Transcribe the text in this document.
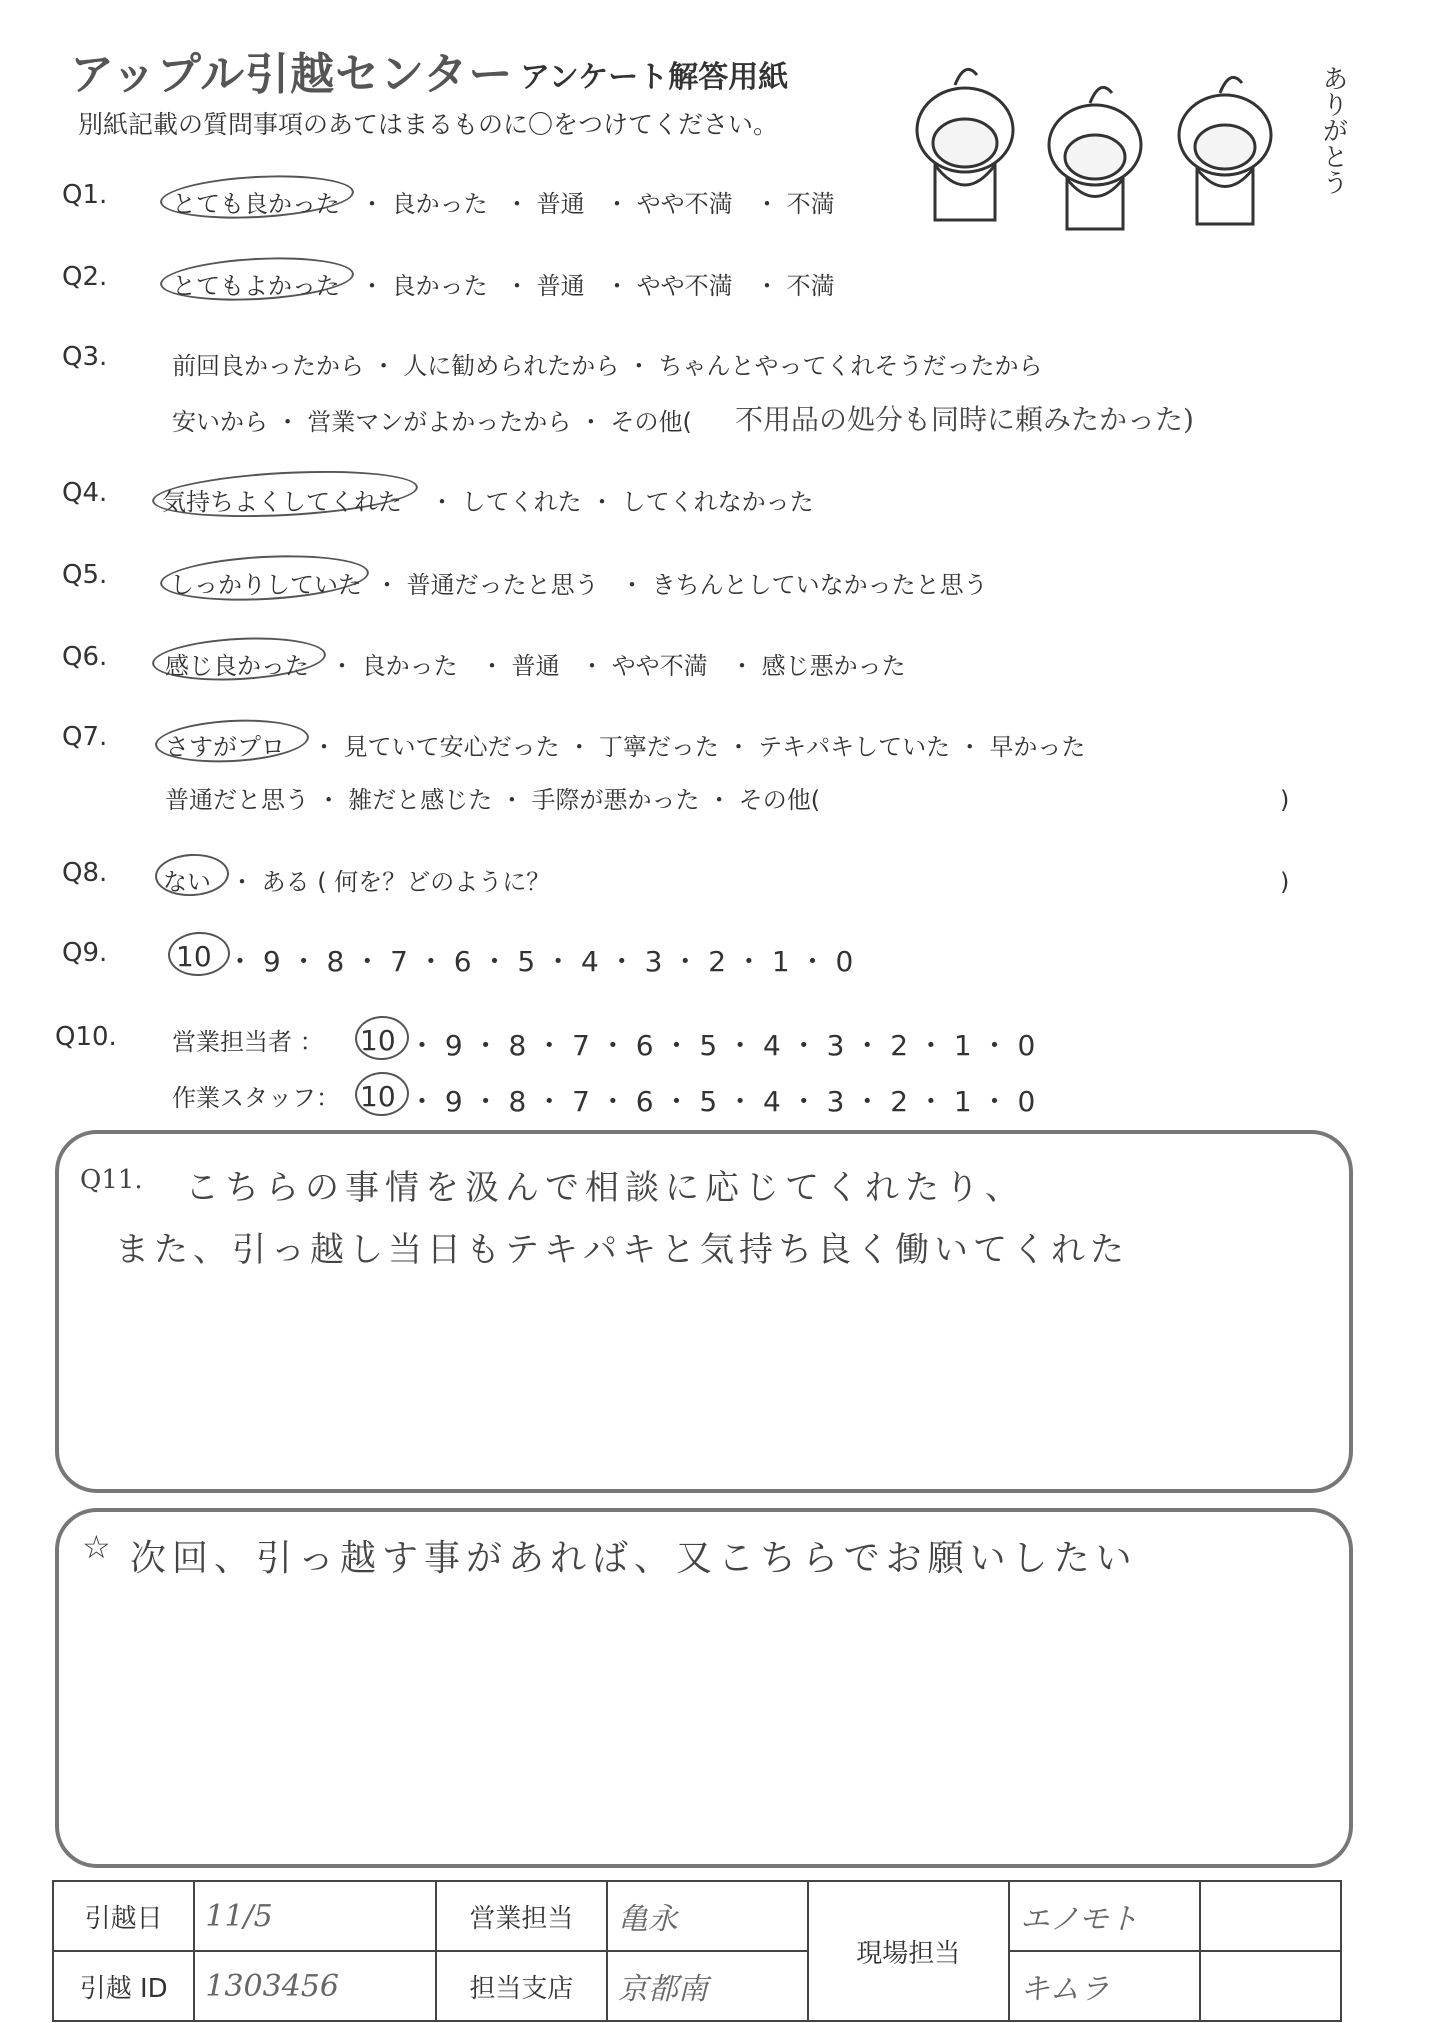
アップル引越センター アンケート解答用紙
別紙記載の質問事項のあてはまるものに〇をつけてください。	ありがとう
Q1.	とても良かった ・ 良かった ・ 普通 ・ やや不満 ・ 不満
Q2.	とてもよかった ・ 良かった ・ 普通 ・ やや不満 ・ 不満
Q3.	前回良かったから ・ 人に勧められたから ・ ちゃんとやってくれそうだったから
安いから ・ 営業マンがよかったから ・ その他( 不用品の処分も同時に頼みたかった)
Q4. 気持ちよくしてくれた ・ してくれた ・ してくれなかった
Q5.	しっかりしていた ・ 普通だったと思う ・ きちんとしていなかったと思う
Q6. 感じ良かった ・ 良かった ・ 普通 ・ やや不満 ・ 感じ悪かった
Q7. さすがプロ ・ 見ていて安心だった ・ 丁寧だった ・ テキパキしていた ・ 早かった
普通だと思う ・ 雑だと感じた ・ 手際が悪かった ・ その他(	)
Q8. ない ・ ある ( 何を？どのように？	)
Q9. 10 ・ 9 ・ 8 ・ 7 ・ 6 ・ 5 ・ 4 ・ 3 ・ 2 ・ 1 ・ 0
Q10. 営業担当者 ： 10 ・ 9 ・ 8 ・ 7 ・ 6 ・ 5 ・ 4 ・ 3 ・ 2 ・ 1 ・ 0
作業スタッフ： 10 ・ 9 ・ 8 ・ 7 ・ 6 ・ 5 ・ 4 ・ 3 ・ 2 ・ 1 ・ 0
Q11. こちらの事情を汲んで相談に応じてくれたり、
また、引っ越し当日もテキパキと気持ち良く働いてくれた
☆ 次回、引っ越す事があれば、又こちらでお願いしたい
引越日	11/5	営業担当	亀永	現場担当	エノモト	
引越 ID	1303456	担当支店	京都南		キムラ	
